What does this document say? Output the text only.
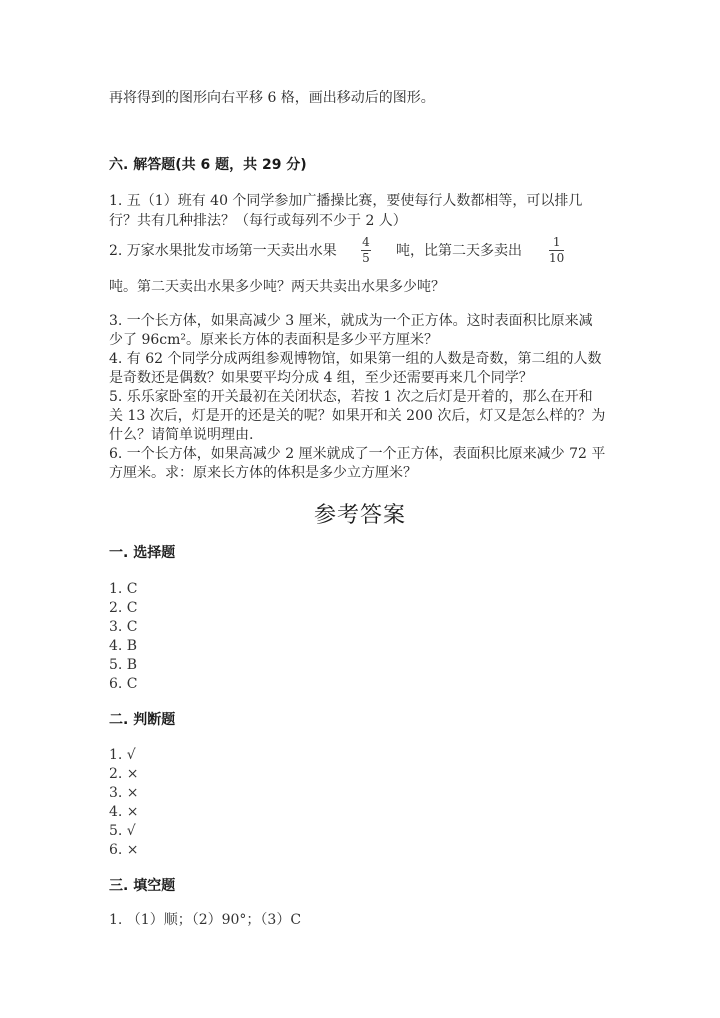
再将得到的图形向右平移 6 格，画出移动后的图形。
六. 解答题(共 6 题，共 29 分)
1. 五（1）班有 40 个同学参加广播操比赛，要使每行人数都相等，可以排几
行？共有几种排法？（每行或每列不少于 2 人）
2. 万家水果批发市场第一天卖出水果
4
5 吨，比第二天多卖出
1
10
吨。第二天卖出水果多少吨？两天共卖出水果多少吨？
3. 一个长方体，如果高减少 3 厘米，就成为一个正方体。这时表面积比原来减
少了 96cm²。原来长方体的表面积是多少平方厘米？
4. 有 62 个同学分成两组参观博物馆，如果第一组的人数是奇数，第二组的人数
是奇数还是偶数？如果要平均分成 4 组，至少还需要再来几个同学？
5. 乐乐家卧室的开关最初在关闭状态，若按 1 次之后灯是开着的，那么在开和
关 13 次后，灯是开的还是关的呢？如果开和关 200 次后，灯又是怎么样的？为
什么？请简单说明理由.
6. 一个长方体，如果高减少 2 厘米就成了一个正方体，表面积比原来减少 72 平
方厘米。求：原来长方体的体积是多少立方厘米？
参考答案
一. 选择题
1. C
2. C
3. C
4. B
5. B
6. C
二. 判断题
1. √
2. ×
3. ×
4. ×
5. √
6. ×
三. 填空题
1. （1）顺；（2）90°；（3）C
